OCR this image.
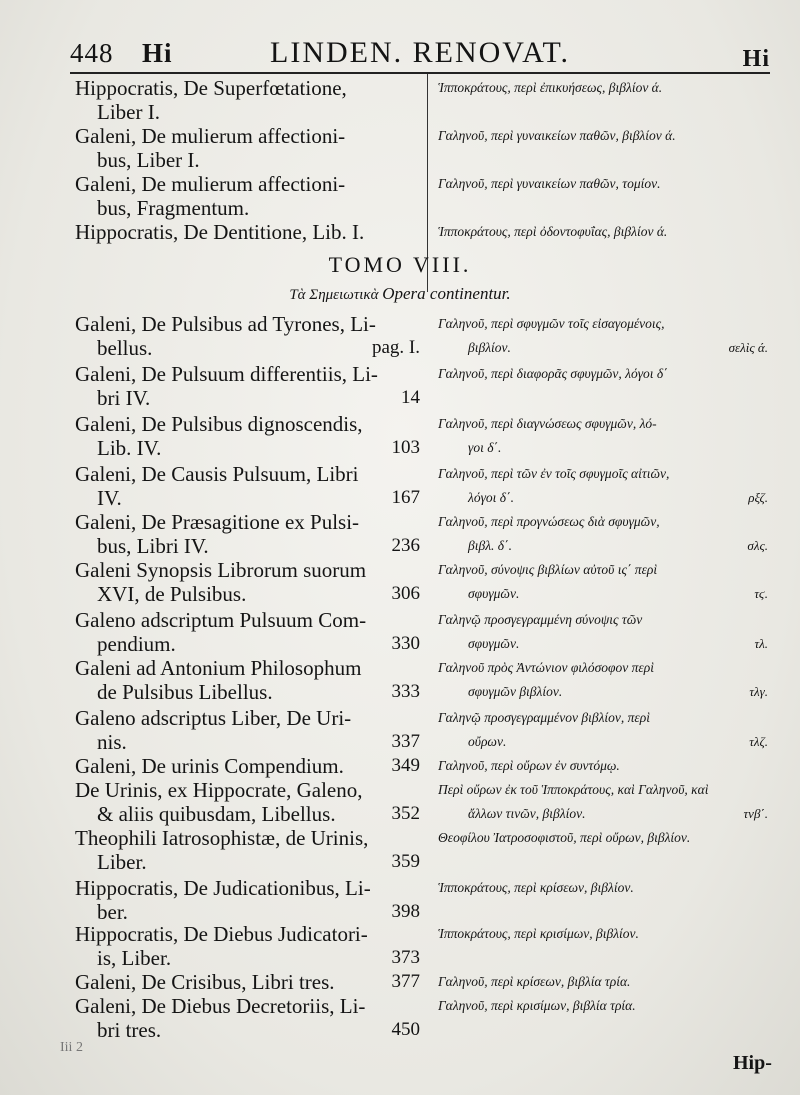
448 Hi	LINDEN. RENOVAT.	Hi
Hippocratis, De Superfœtatione,
Liber I.
Ἱπποκράτους, περὶ ἐπικυήσεως, βιβλίον ά.
Galeni, De mulierum affectioni-
bus, Liber I.
Γαληνοῦ, περὶ γυναικείων παθῶν, βιβλίον ά.
Galeni, De mulierum affectioni-
bus, Fragmentum.
Γαληνοῦ, περὶ γυναικείων παθῶν, τομίον.
Hippocratis, De Dentitione, Lib. I.	Ἱπποκράτους, περὶ ὀδοντοφυΐας, βιβλίον ά.
TOMO VIII.
Τὰ Σημειωτικὰ Opera continentur.
Galeni, De Pulsibus ad Tyrones, Li-
bellus.	pag. I.
Γαληνοῦ, περὶ σφυγμῶν τοῖς εἰσαγομένοις,
βιβλίον.	σελὶς ά.
Galeni, De Pulsuum differentiis, Li-
bri IV.	14
Γαληνοῦ, περὶ διαφορᾶς σφυγμῶν, λόγοι δ΄
Galeni, De Pulsibus dignoscendis,
Lib. IV.	103
Γαληνοῦ, περὶ διαγνώσεως σφυγμῶν, λό-
γοι δ΄.
Galeni, De Causis Pulsuum, Libri
IV.	167
Γαληνοῦ, περὶ τῶν ἐν τοῖς σφυγμοῖς αἰτιῶν,
λόγοι δ΄.	ρξζ.
Galeni, De Præsagitione ex Pulsi-
bus, Libri IV.	236
Γαληνοῦ, περὶ προγνώσεως διὰ σφυγμῶν,
βιβλ. δ΄.	σλς.
Galeni Synopsis Librorum suorum
XVI, de Pulsibus.	306
Γαληνοῦ, σύνοψις βιβλίων αὐτοῦ ις΄ περὶ
σφυγμῶν.	τϛ.
Galeno adscriptum Pulsuum Com-
pendium.	330
Γαληνῷ προσγεγραμμένη σύνοψις τῶν
σφυγμῶν.	τλ.
Galeni ad Antonium Philosophum
de Pulsibus Libellus.	333
Γαληνοῦ πρὸς Ἀντώνιον φιλόσοφον περὶ
σφυγμῶν βιβλίον.	τλγ.
Galeno adscriptus Liber, De Uri-
nis.	337
Γαληνῷ προσγεγραμμένον βιβλίον, περὶ
οὔρων.	τλζ.
Galeni, De urinis Compendium.	349 Γαληνοῦ, περὶ οὔρων ἐν συντόμῳ.
De Urinis, ex Hippocrate, Galeno,
& aliis quibusdam, Libellus.	352
Περὶ οὔρων ἐκ τοῦ Ἱπποκράτους, καὶ Γαληνοῦ, καὶ
ἄλλων τινῶν, βιβλίον.	τνβ΄.
Theophili Iatrosophistæ, de Urinis,
Liber.	359
Θεοφίλου Ἰατροσοφιστοῦ, περὶ οὔρων, βιβλίον.
Hippocratis, De Judicationibus, Li-
ber.	398
Ἱπποκράτους, περὶ κρίσεων, βιβλίον.
Hippocratis, De Diebus Judicatori-
is, Liber.	373
Ἱπποκράτους, περὶ κρισίμων, βιβλίον.
Galeni, De Crisibus, Libri tres.	377 Γαληνοῦ, περὶ κρίσεων, βιβλία τρία.
Galeni, De Diebus Decretoriis, Li-
bri tres.	450
Γαληνοῦ, περὶ κρισίμων, βιβλία τρία.
Iii 2
Hip-
